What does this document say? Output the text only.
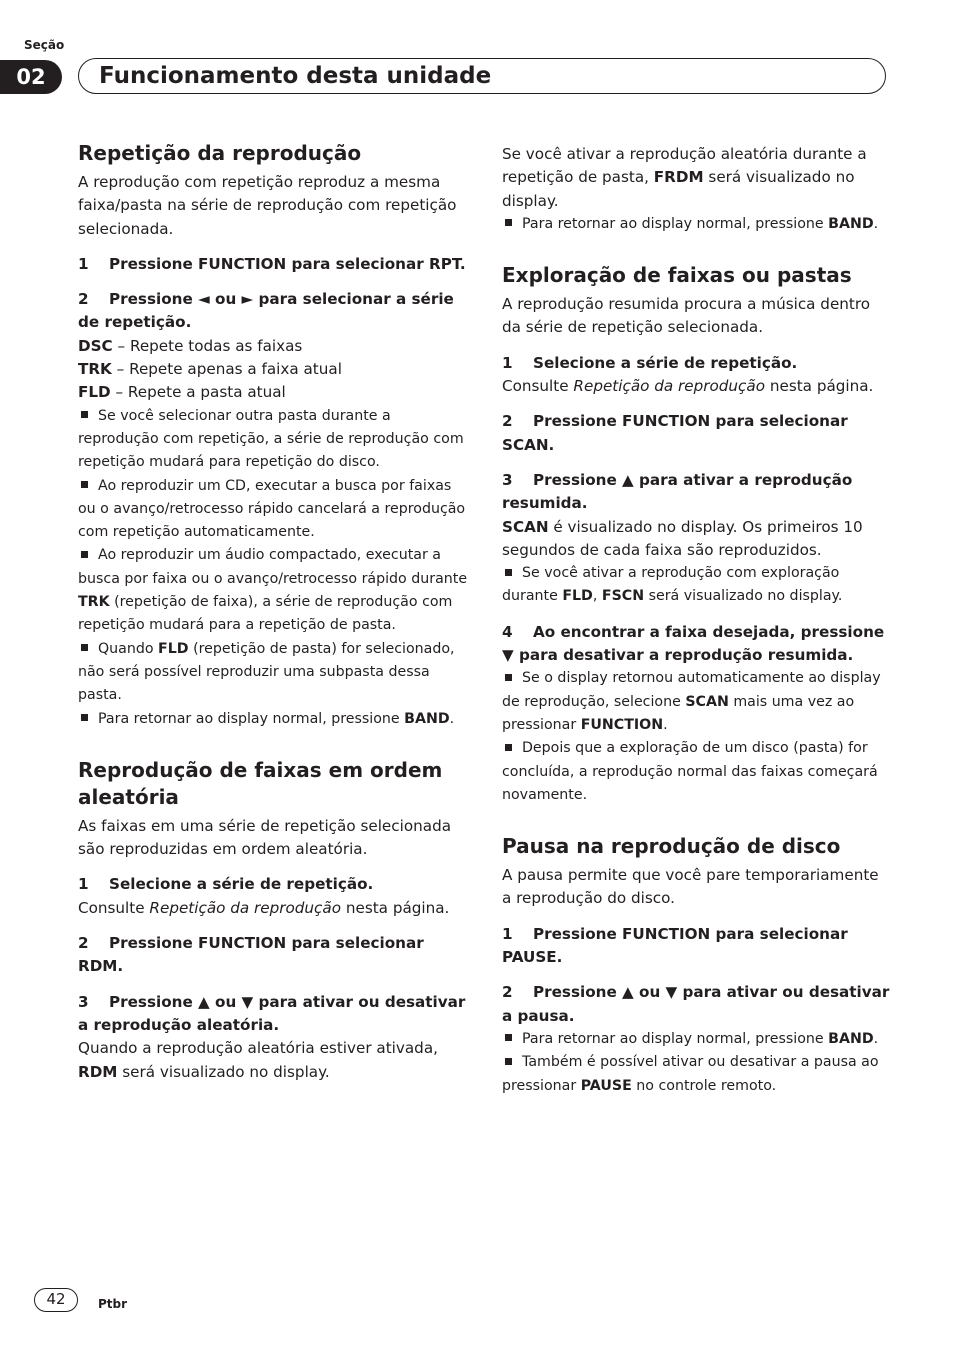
Seção
02	Funcionamento desta unidade
Repetição da reprodução

A reprodução com repetição reproduz a mesma faixa/pasta na série de reprodução com repetição selecionada.

1 Pressione FUNCTION para selecionar RPT.

2 Pressione ◄ ou ► para selecionar a série de repetição.

DSC – Repete todas as faixas

TRK – Repete apenas a faixa atual

FLD – Repete a pasta atual

Se você selecionar outra pasta durante a reprodução com repetição, a série de reprodução com repetição mudará para repetição do disco.

Ao reproduzir um CD, executar a busca por faixas ou o avanço/retrocesso rápido cancelará a reprodução com repetição automaticamente.

Ao reproduzir um áudio compactado, executar a busca por faixa ou o avanço/retrocesso rápido durante TRK (repetição de faixa), a série de reprodução com repetição mudará para a repetição de pasta.

Quando FLD (repetição de pasta) for selecionado, não será possível reproduzir uma subpasta dessa pasta.

Para retornar ao display normal, pressione BAND.

Reprodução de faixas em ordem aleatória

As faixas em uma série de repetição selecionada são reproduzidas em ordem aleatória.

1 Selecione a série de repetição.

Consulte Repetição da reprodução nesta página.

2 Pressione FUNCTION para selecionar RDM.

3 Pressione ▲ ou ▼ para ativar ou desativar a reprodução aleatória.

Quando a reprodução aleatória estiver ativada, RDM será visualizado no display.

Se você ativar a reprodução aleatória durante a repetição de pasta, FRDM será visualizado no display.

Para retornar ao display normal, pressione BAND.

Exploração de faixas ou pastas

A reprodução resumida procura a música dentro da série de repetição selecionada.

1 Selecione a série de repetição.

Consulte Repetição da reprodução nesta página.

2 Pressione FUNCTION para selecionar SCAN.

3 Pressione ▲ para ativar a reprodução resumida.

SCAN é visualizado no display. Os primeiros 10 segundos de cada faixa são reproduzidos.

Se você ativar a reprodução com exploração durante FLD, FSCN será visualizado no display.

4 Ao encontrar a faixa desejada, pressione ▼ para desativar a reprodução resumida.

Se o display retornou automaticamente ao display de reprodução, selecione SCAN mais uma vez ao pressionar FUNCTION.

Depois que a exploração de um disco (pasta) for concluída, a reprodução normal das faixas começará novamente.

Pausa na reprodução de disco

A pausa permite que você pare temporariamente a reprodução do disco.

1 Pressione FUNCTION para selecionar PAUSE.

2 Pressione ▲ ou ▼ para ativar ou desativar a pausa.

Para retornar ao display normal, pressione BAND.

Também é possível ativar ou desativar a pausa ao pressionar PAUSE no controle remoto.

42	Ptbr
